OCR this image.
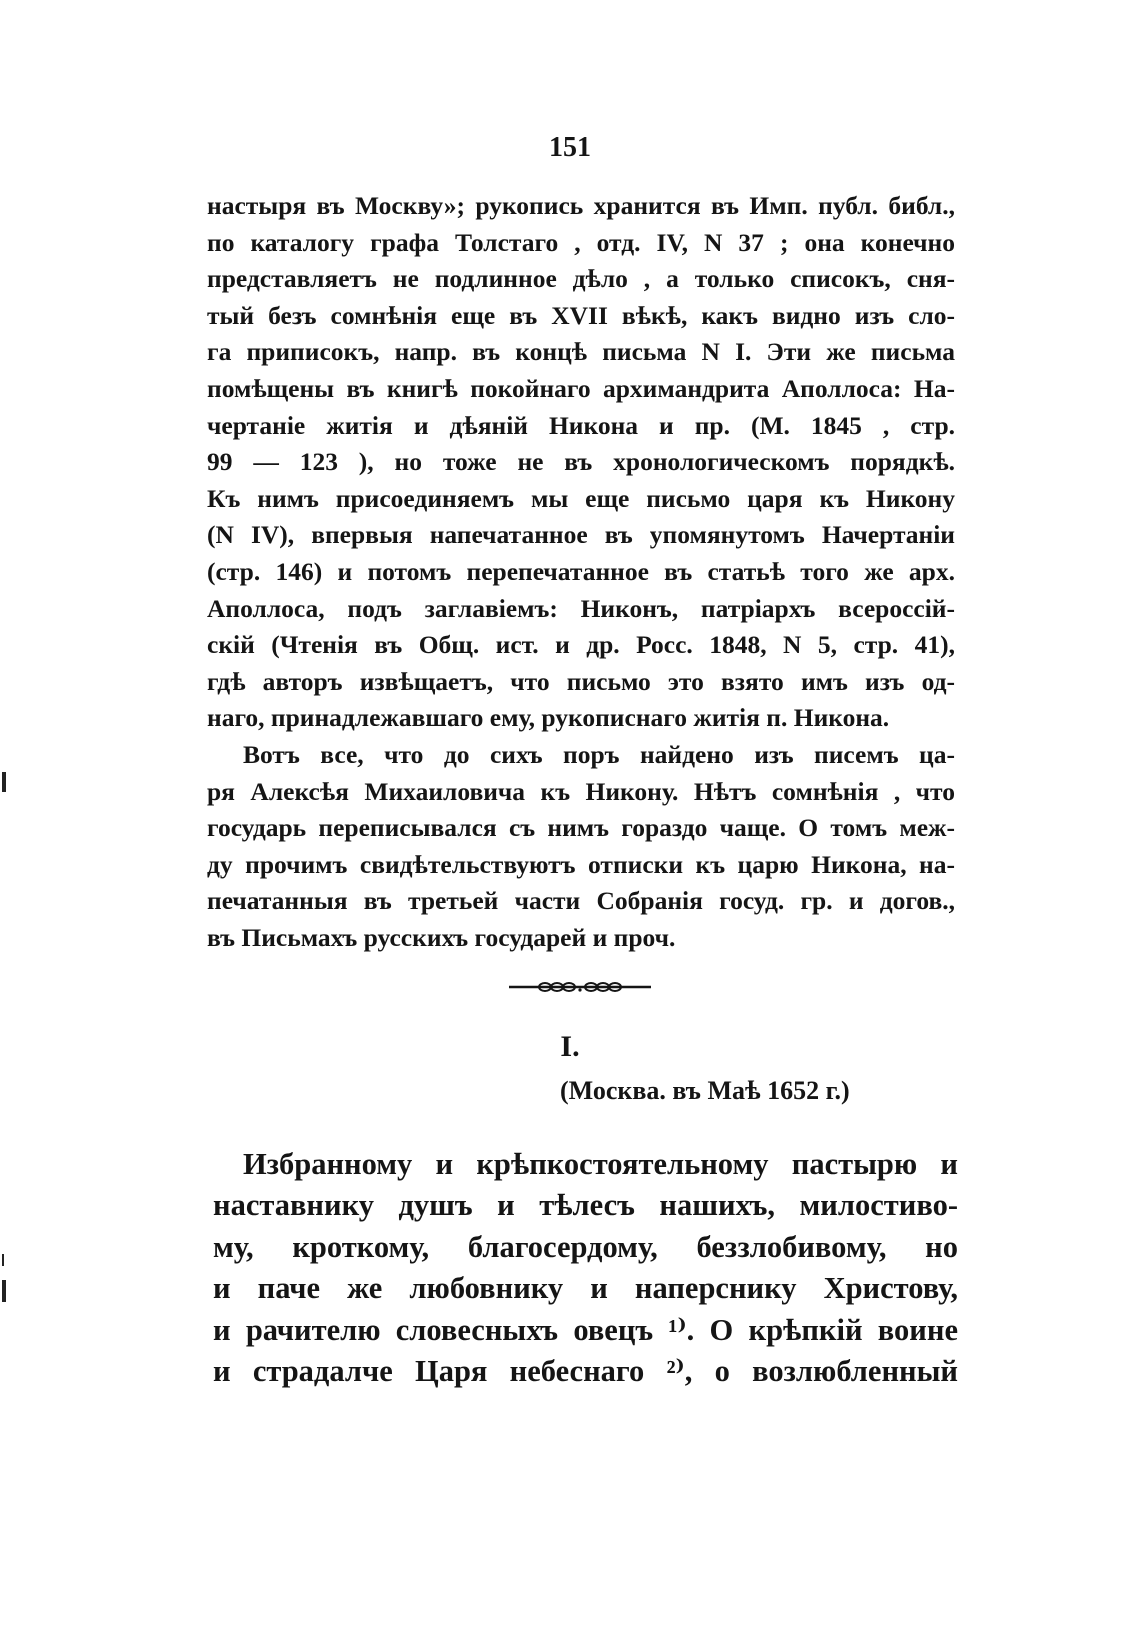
151
настыря въ Москву»; рукопись хранится въ Имп. публ. библ.,
по каталогу графа Толстаго , отд. IV, N 37 ; она конечно
представляетъ не подлинное дѣло , а только списокъ, сня-
тый безъ сомнѣнія еще въ XVII вѣкѣ, какъ видно изъ сло-
га приписокъ, напр. въ концѣ письма N I. Эти же письма
помѣщены въ книгѣ покойнаго архимандрита Аполлоса: На-
чертаніе житія и дѣяній Никона и пр. (М. 1845 , стр.
99 — 123 ), но тоже не въ хронологическомъ порядкѣ.
Къ нимъ присоединяемъ мы еще письмо царя къ Никону
(N IV), впервыя напечатанное въ упомянутомъ Начертаніи
(стр. 146) и потомъ перепечатанное въ статьѣ того же арх.
Аполлоса, подъ заглавіемъ: Никонъ, патріархъ всероссій-
скій (Чтенія въ Общ. ист. и др. Росс. 1848, N 5, стр. 41),
гдѣ авторъ извѣщаетъ, что письмо это взято имъ изъ од-
наго, принадлежавшаго ему, рукописнаго житія п. Никона.
Вотъ все, что до сихъ поръ найдено изъ писемъ ца-
ря Алексѣя Михаиловича къ Никону. Нѣтъ сомнѣнія , что
государь переписывался съ нимъ гораздо чаще. О томъ меж-
ду прочимъ свидѣтельствуютъ отписки къ царю Никона, на-
печатанныя въ третьей части Собранія госуд. гр. и догов.,
въ Письмахъ русскихъ государей и проч.
I.
(Москва. въ Маѣ 1652 г.)
Избранному и крѣпкостоятельному пастырю и
наставнику душъ и тѣлесъ нашихъ, милостиво-
му, кроткому, благосердому, беззлобивому, но
и паче же любовнику и наперснику Христову,
и рачителю словесныхъ овецъ ¹⁾. О крѣпкій воине
и страдалче Царя небеснаго ²⁾, о возлюбленный
